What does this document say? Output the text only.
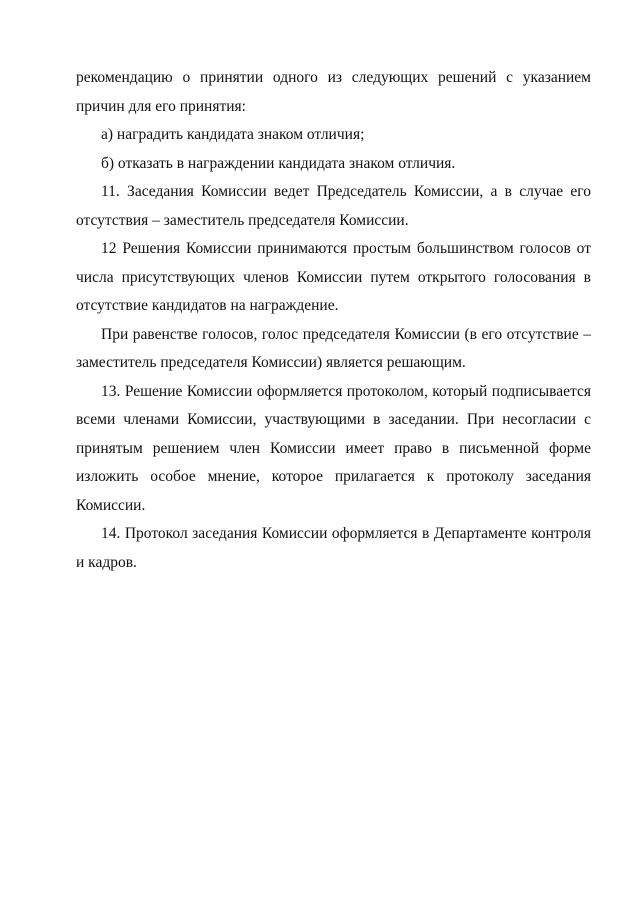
рекомендацию о принятии одного из следующих решений с указанием причин для его принятия:

а) наградить кандидата знаком отличия;

б) отказать в награждении кандидата знаком отличия.

11. Заседания Комиссии ведет Председатель Комиссии, а в случае его отсутствия – заместитель председателя Комиссии.

12 Решения Комиссии принимаются простым большинством голосов от числа присутствующих членов Комиссии путем открытого голосования в отсутствие кандидатов на награждение.

При равенстве голосов, голос председателя Комиссии (в его отсутствие – заместитель председателя Комиссии) является решающим.

13. Решение Комиссии оформляется протоколом, который подписывается всеми членами Комиссии, участвующими в заседании. При несогласии с принятым решением член Комиссии имеет право в письменной форме изложить особое мнение, которое прилагается к протоколу заседания Комиссии.

14. Протокол заседания Комиссии оформляется в Департаменте контроля и кадров.
